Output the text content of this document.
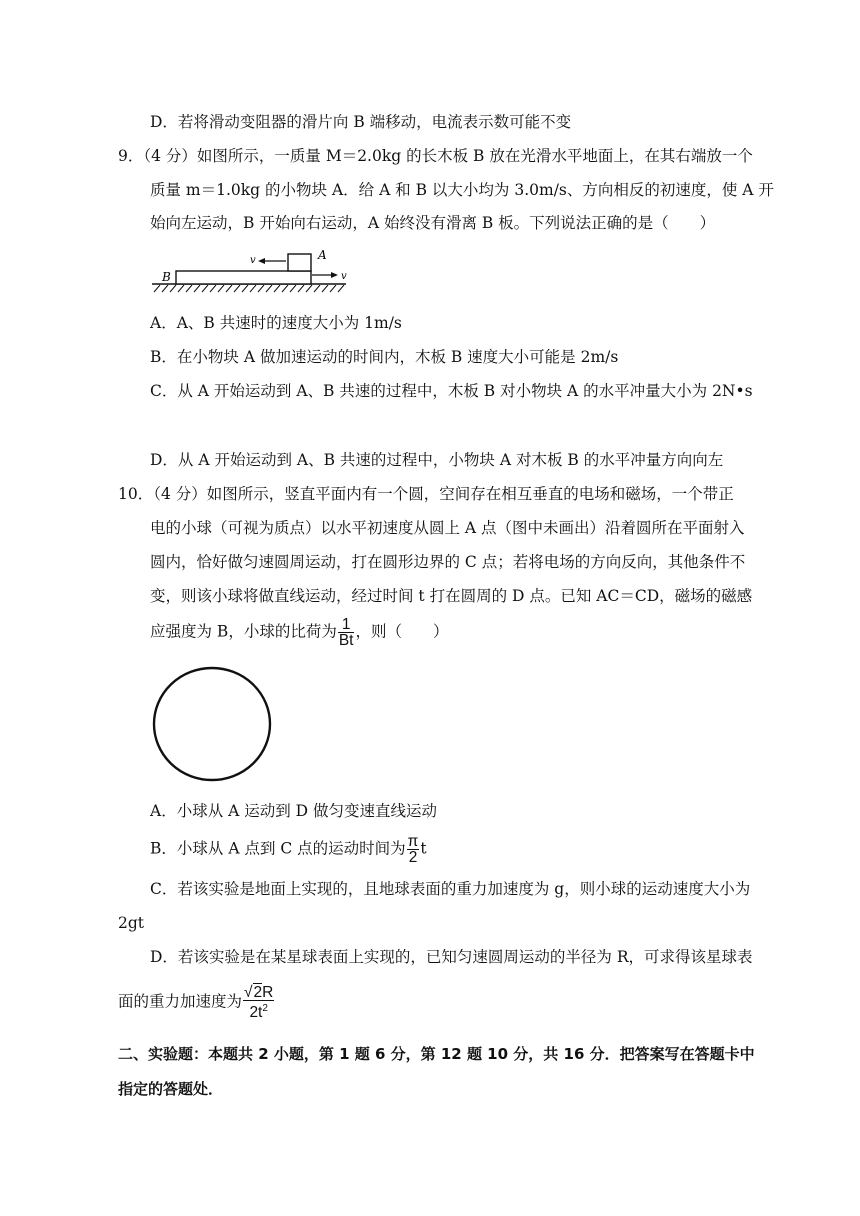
D．若将滑动变阻器的滑片向 B 端移动，电流表示数可能不变
9．（4 分）如图所示，一质量 M＝2.0kg 的长木板 B 放在光滑水平地面上，在其右端放一个
质量 m＝1.0kg 的小物块 A．给 A 和 B 以大小均为 3.0m/s、方向相反的初速度，使 A 开
始向左运动，B 开始向右运动，A 始终没有滑离 B 板。下列说法正确的是（　　）
B
A
v
v
A．A、B 共速时的速度大小为 1m/s
B．在小物块 A 做加速运动的时间内，木板 B 速度大小可能是 2m/s
C．从 A 开始运动到 A、B 共速的过程中，木板 B 对小物块 A 的水平冲量大小为 2N•s
D．从 A 开始运动到 A、B 共速的过程中，小物块 A 对木板 B 的水平冲量方向向左
10．（4 分）如图所示，竖直平面内有一个圆，空间存在相互垂直的电场和磁场，一个带正
电的小球（可视为质点）以水平初速度从圆上 A 点（图中未画出）沿着圆所在平面射入
圆内，恰好做匀速圆周运动，打在圆形边界的 C 点；若将电场的方向反向，其他条件不
变，则该小球将做直线运动，经过时间 t 打在圆周的 D 点。已知 AC＝CD，磁场的磁感
应强度为 B，小球的比荷为 $\frac{1}{Bt}$ ，则（　　）
A．小球从 A 运动到 D 做匀变速直线运动
B．小球从 A 点到 C 点的运动时间为 $\frac{\pi}{2}$ t
C．若该实验是地面上实现的，且地球表面的重力加速度为 g，则小球的运动速度大小为
2gt
D．若该实验是在某星球表面上实现的，已知匀速圆周运动的半径为 R，可求得该星球表
面的重力加速度为 $\frac{√2R}{2t^2}$
二、实验题：本题共 2 小题，第 1 题 6 分，第 12 题 10 分，共 16 分．把答案写在答题卡中
指定的答题处．
